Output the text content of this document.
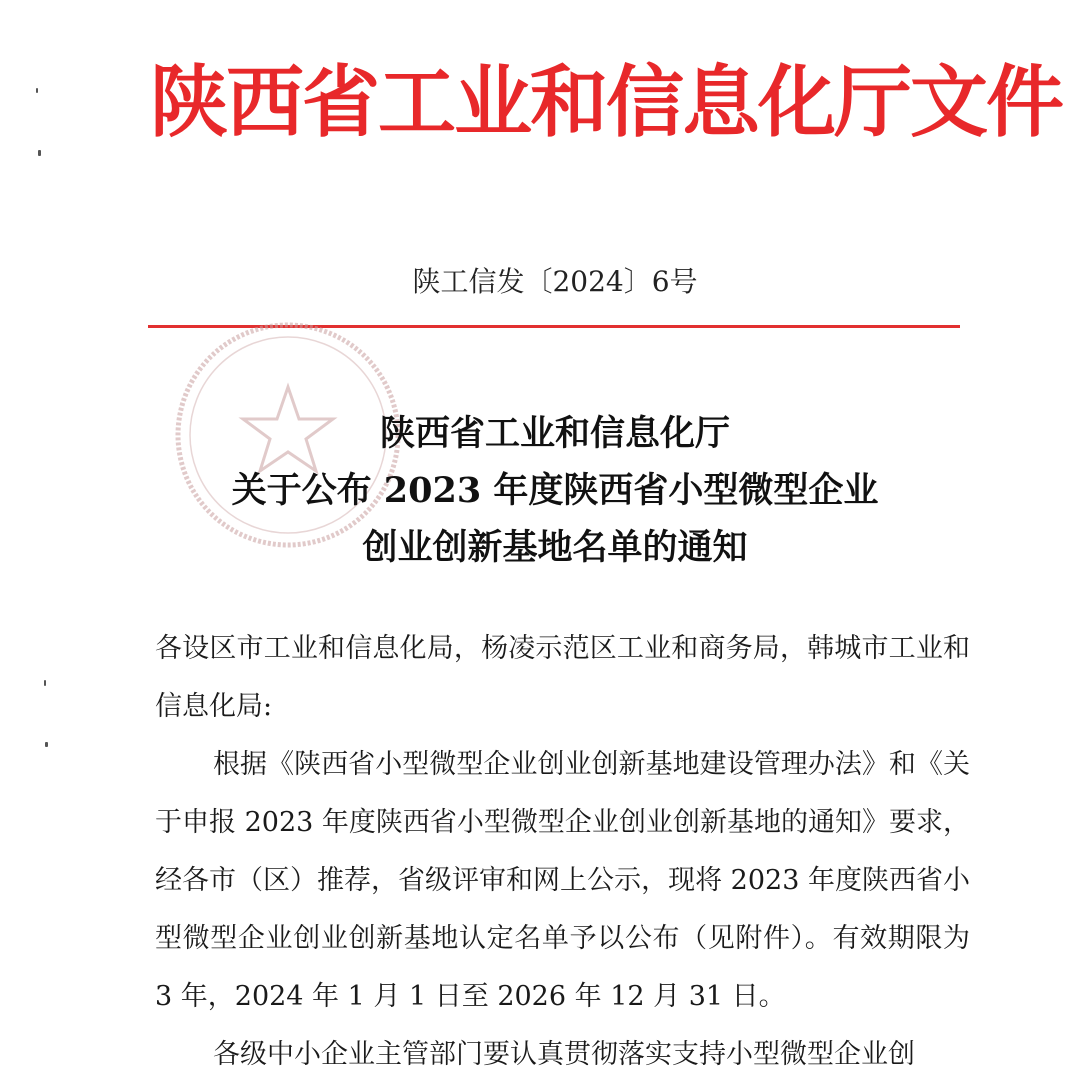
陕西省工业和信息化厅文件
陕工信发〔2024〕6号
陕西省工业和信息化厅
关于公布 2023 年度陕西省小型微型企业
创业创新基地名单的通知

各设区市工业和信息化局，杨凌示范区工业和商务局，韩城市工业和信息化局:

根据《陕西省小型微型企业创业创新基地建设管理办法》和《关于申报 2023 年度陕西省小型微型企业创业创新基地的通知》要求，经各市（区）推荐，省级评审和网上公示，现将 2023 年度陕西省小型微型企业创业创新基地认定名单予以公布（见附件）。有效期限为 3 年，2024 年 1 月 1 日至 2026 年 12 月 31 日。

各级中小企业主管部门要认真贯彻落实支持小型微型企业创
